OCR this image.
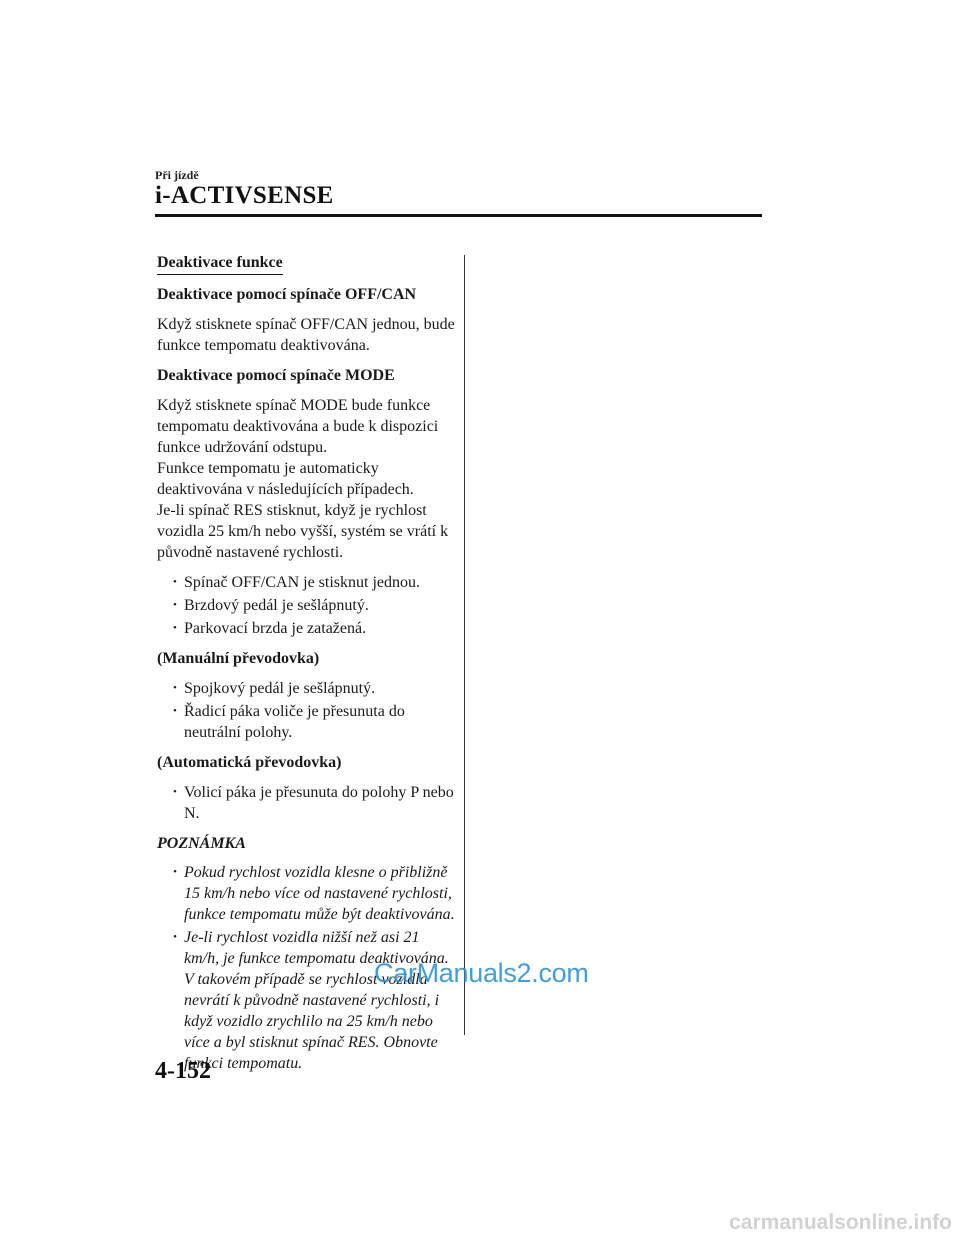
Při jízdě
i-ACTIVSENSE
Deaktivace funkce
Deaktivace pomocí spínače OFF/CAN
Když stisknete spínač OFF/CAN jednou, bude funkce tempomatu deaktivována.
Deaktivace pomocí spínače MODE
Když stisknete spínač MODE bude funkce tempomatu deaktivována a bude k dispozici funkce udržování odstupu.
Funkce tempomatu je automaticky deaktivována v následujících případech.
Je-li spínač RES stisknut, když je rychlost vozidla 25 km/h nebo vyšší, systém se vrátí k původně nastavené rychlosti.
• Spínač OFF/CAN je stisknut jednou.
• Brzdový pedál je sešlápnutý.
• Parkovací brzda je zatažená.
(Manuální převodovka)
• Spojkový pedál je sešlápnutý.
• Řadicí páka voliče je přesunuta do neutrální polohy.
(Automatická převodovka)
• Volicí páka je přesunuta do polohy P nebo N.
POZNÁMKA
• Pokud rychlost vozidla klesne o přibližně 15 km/h nebo více od nastavené rychlosti, funkce tempomatu může být deaktivována.
• Je-li rychlost vozidla nižší než asi 21 km/h, je funkce tempomatu deaktivována. V takovém případě se rychlost vozidla nevrátí k původně nastavené rychlosti, i když vozidlo zrychlilo na 25 km/h nebo více a byl stisknut spínač RES. Obnovte funkci tempomatu.
4-152
CarManuals2.com
carmanualsonline.info
